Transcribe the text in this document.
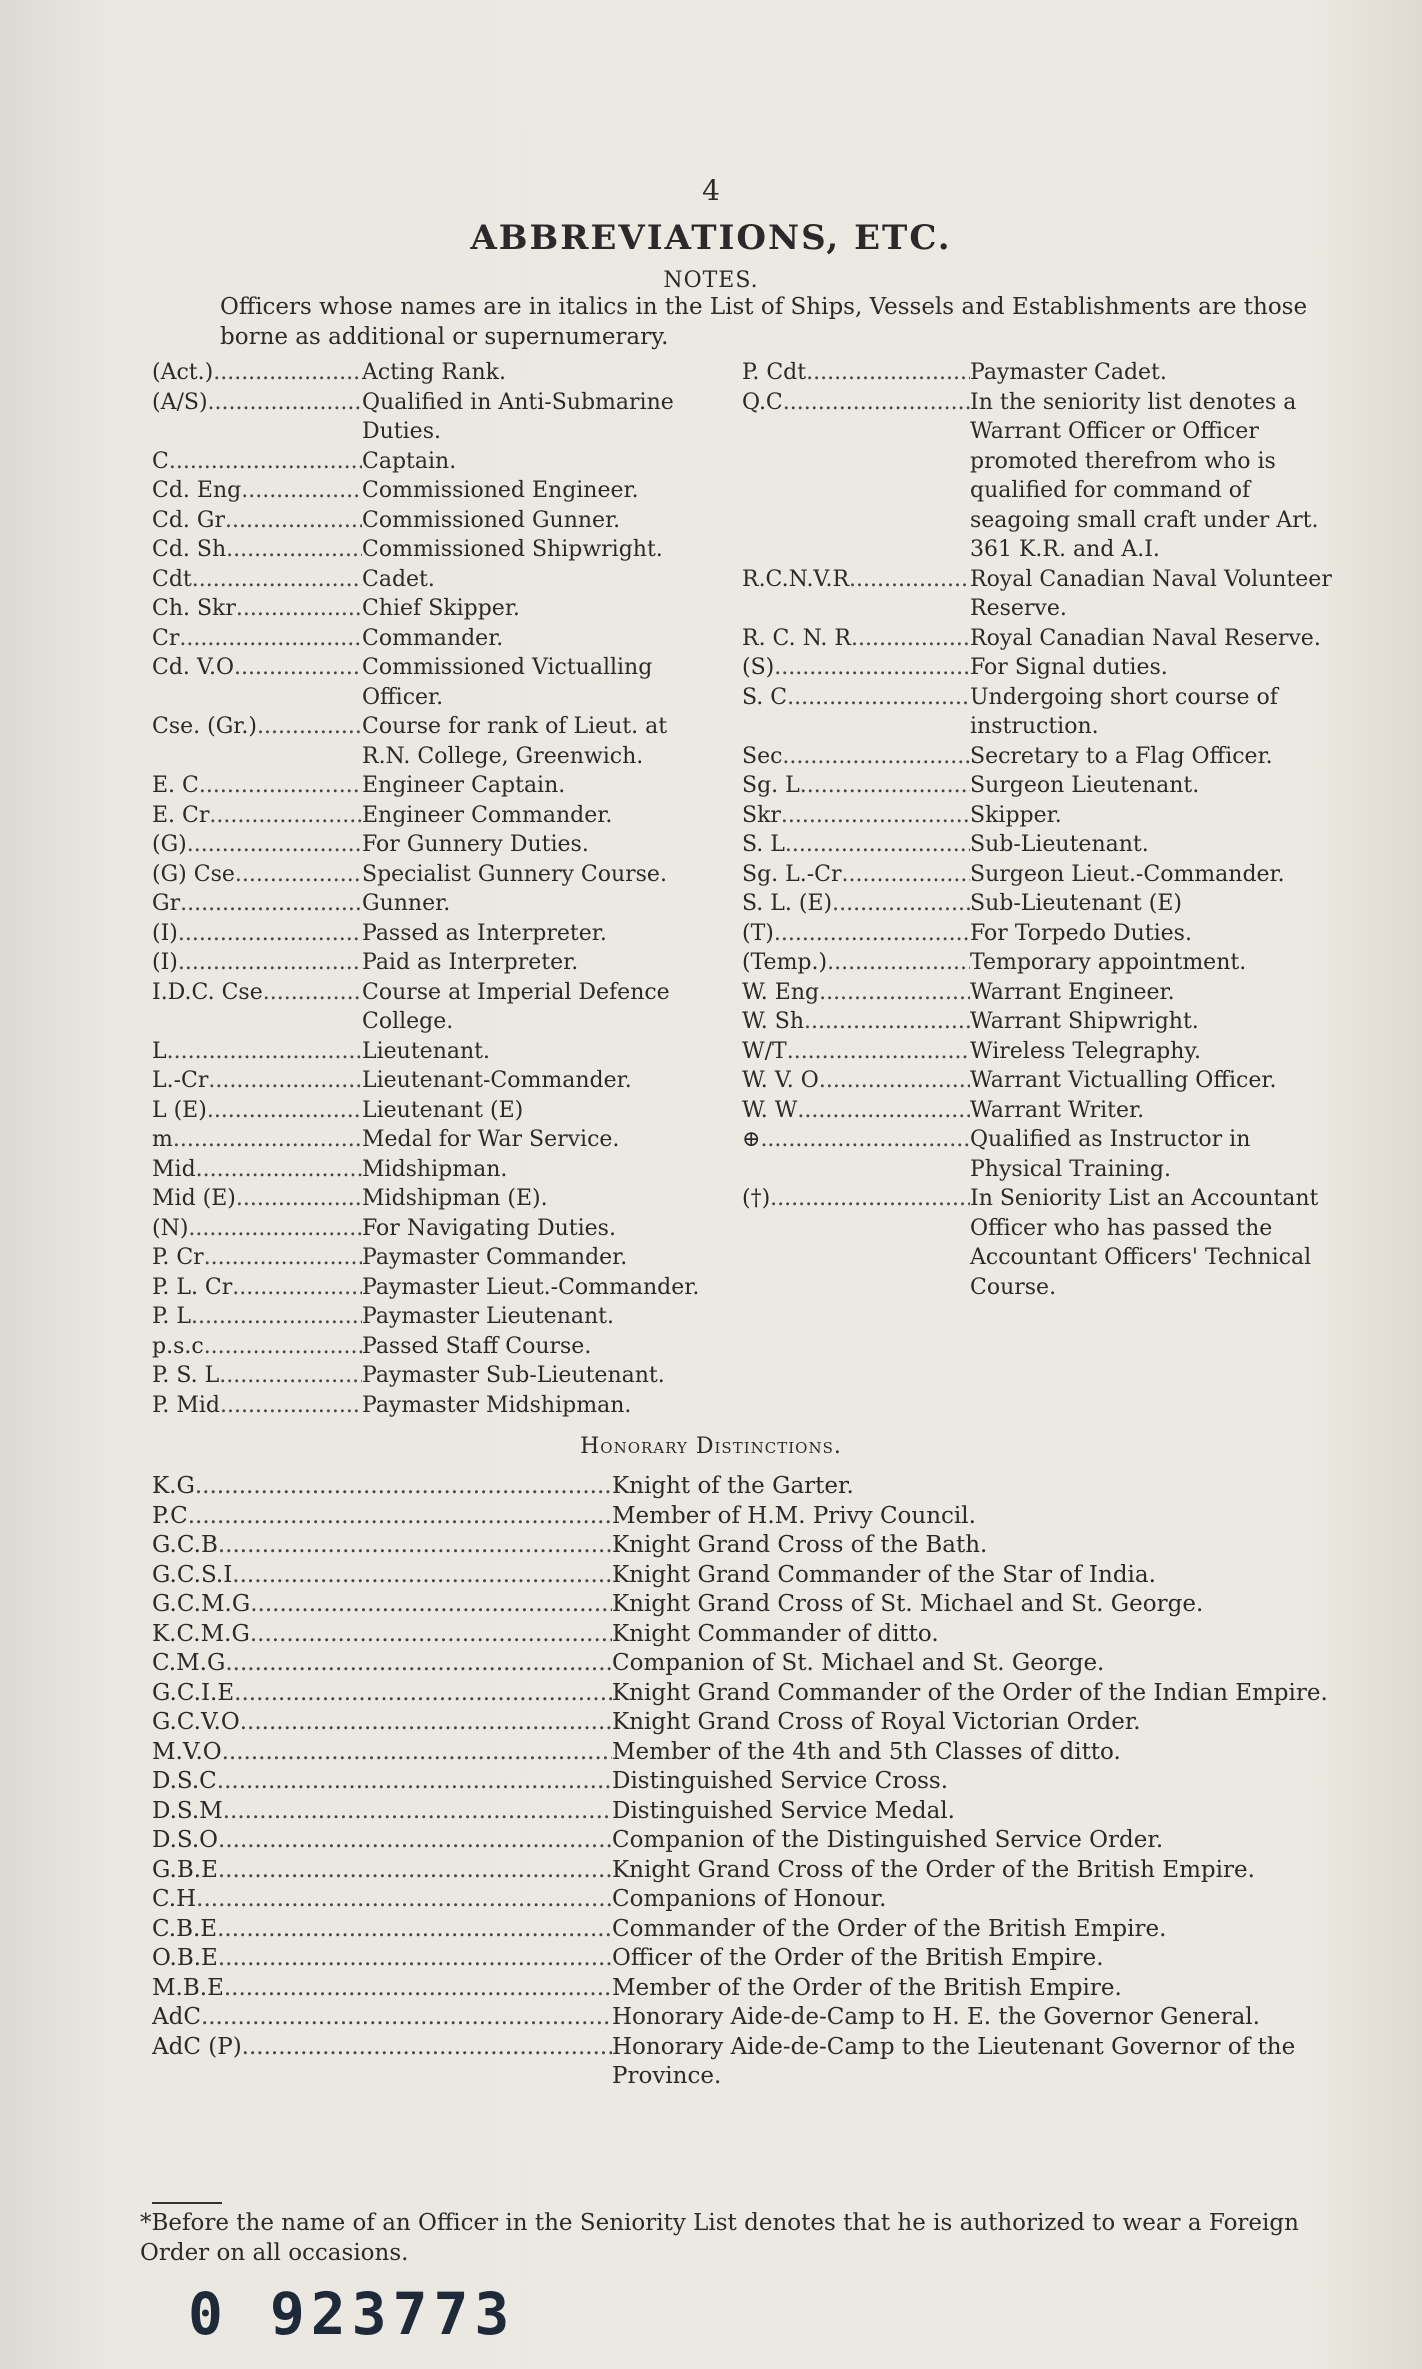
4
ABBREVIATIONS, ETC.
NOTES.
Officers whose names are in italics in the List of Ships, Vessels and Establishments are those borne as additional or supernumerary.
(Act.) .....	Acting Rank.
(A/S) .....	Qualified in Anti-Submarine Duties.
C .....	Captain.
Cd. Eng .....	Commissioned Engineer.
Cd. Gr .....	Commissioned Gunner.
Cd. Sh .....	Commissioned Shipwright.
Cdt .....	Cadet.
Ch. Skr .....	Chief Skipper.
Cr .....	Commander.
Cd. V.O .....	Commissioned Victualling Officer.
Cse. (Gr.) .....	Course for rank of Lieut. at R.N. College, Greenwich.
E. C .....	Engineer Captain.
E. Cr .....	Engineer Commander.
(G) .....	For Gunnery Duties.
(G) Cse .....	Specialist Gunnery Course.
Gr .....	Gunner.
(I) .....	Passed as Interpreter.
(I) .....	Paid as Interpreter.
I.D.C. Cse .....	Course at Imperial Defence College.
L .....	Lieutenant.
L.-Cr .....	Lieutenant-Commander.
L (E) .....	Lieutenant (E)
m .....	Medal for War Service.
Mid .....	Midshipman.
Mid (E) .....	Midshipman (E).
(N) .....	For Navigating Duties.
P. Cr .....	Paymaster Commander.
P. L. Cr .....	Paymaster Lieut.-Commander.
P. L .....	Paymaster Lieutenant.
p.s.c .....	Passed Staff Course.
P. S. L .....	Paymaster Sub-Lieutenant.
P. Mid .....	Paymaster Midshipman.
P. Cdt .....	Paymaster Cadet.
Q.C .....	In the seniority list denotes a Warrant Officer or Officer promoted therefrom who is qualified for command of seagoing small craft under Art. 361 K.R. and A.I.
R.C.N.V.R .....	Royal Canadian Naval Volunteer Reserve.
R. C. N. R .....	Royal Canadian Naval Reserve.
(S) .....	For Signal duties.
S. C .....	Undergoing short course of instruction.
Sec .....	Secretary to a Flag Officer.
Sg. L .....	Surgeon Lieutenant.
Skr .....	Skipper.
S. L .....	Sub-Lieutenant.
Sg. L.-Cr .....	Surgeon Lieut.-Commander.
S. L. (E) .....	Sub-Lieutenant (E)
(T) .....	For Torpedo Duties.
(Temp.) .....	Temporary appointment.
W. Eng .....	Warrant Engineer.
W. Sh .....	Warrant Shipwright.
W/T .....	Wireless Telegraphy.
W. V. O .....	Warrant Victualling Officer.
W. W .....	Warrant Writer.
⊕ .....	Qualified as Instructor in Physical Training.
(†) .....	In Seniority List an Accountant Officer who has passed the Accountant Officers' Technical Course.
Honorary Distinctions.
K.G .....	Knight of the Garter.
P.C .....	Member of H.M. Privy Council.
G.C.B .....	Knight Grand Cross of the Bath.
G.C.S.I .....	Knight Grand Commander of the Star of India.
G.C.M.G .....	Knight Grand Cross of St. Michael and St. George.
K.C.M.G .....	Knight Commander of ditto.
C.M.G .....	Companion of St. Michael and St. George.
G.C.I.E .....	Knight Grand Commander of the Order of the Indian Empire.
G.C.V.O .....	Knight Grand Cross of Royal Victorian Order.
M.V.O .....	Member of the 4th and 5th Classes of ditto.
D.S.C .....	Distinguished Service Cross.
D.S.M .....	Distinguished Service Medal.
D.S.O .....	Companion of the Distinguished Service Order.
G.B.E .....	Knight Grand Cross of the Order of the British Empire.
C.H .....	Companions of Honour.
C.B.E .....	Commander of the Order of the British Empire.
O.B.E .....	Officer of the Order of the British Empire.
M.B.E .....	Member of the Order of the British Empire.
AdC .....	Honorary Aide-de-Camp to H. E. the Governor General.
AdC (P) .....	Honorary Aide-de-Camp to the Lieutenant Governor of the Province.
*Before the name of an Officer in the Seniority List denotes that he is authorized to wear a Foreign Order on all occasions.
0 923773
